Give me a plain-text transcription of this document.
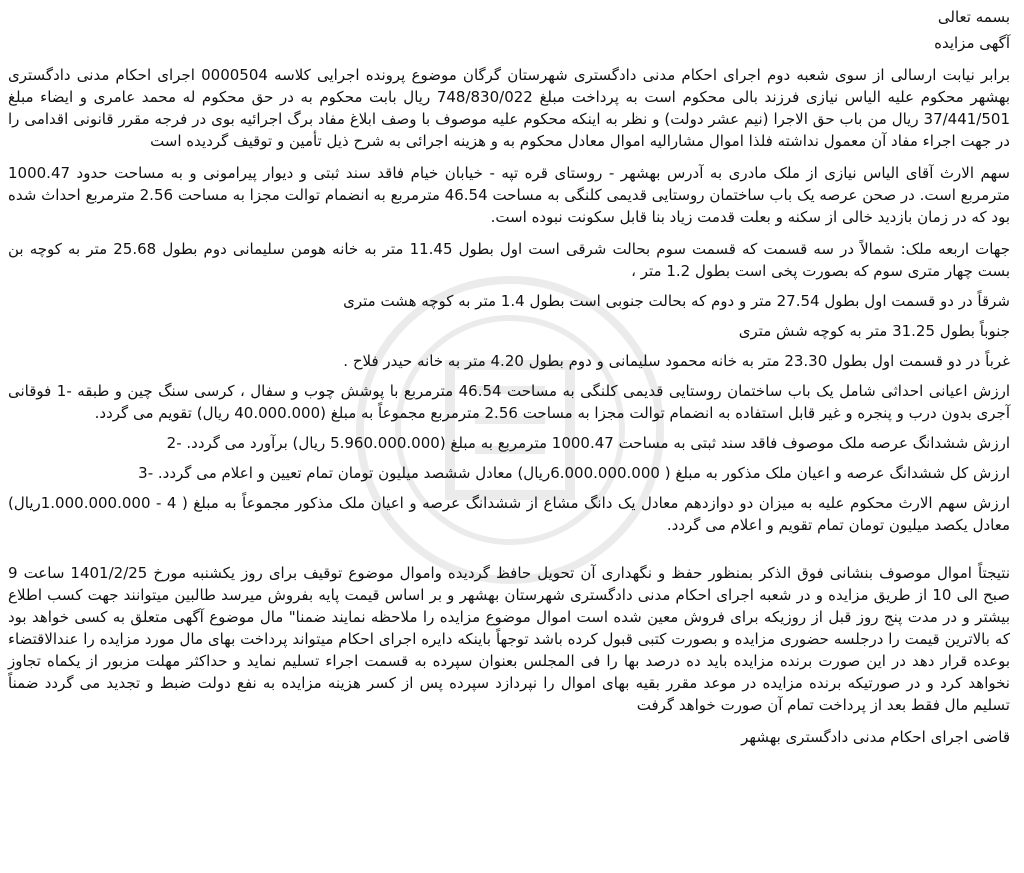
بسمه تعالی
آگهی مزایده
برابر نیابت ارسالی از سوی شعبه دوم اجرای احکام مدنی دادگستری شهرستان گرگان موضوع پرونده اجرایی کلاسه 0000504 اجرای احکام مدنی دادگستری بهشهر محکوم علیه الیاس نیازی فرزند بالی محکوم است به پرداخت مبلغ 748/830/022 ریال بابت محکوم به در حق محکوم له محمد عامری و ایضاء مبلغ 37/441/501 ریال من باب حق الاجرا (نیم عشر دولت) و نظر به اینکه محکوم علیه موصوف با وصف ابلاغ مفاد برگ اجرائیه بوی در فرجه مقرر قانونی اقدامی را در جهت اجراء مفاد آن معمول نداشته فلذا اموال مشارالیه اموال معادل محکوم به و هزینه اجرائی به شرح ذیل تأمین و توقیف گردیده است
سهم الارث آقای الیاس نیازی از ملک مادری به آدرس بهشهر - روستای قره تپه - خیابان خیام فاقد سند ثبتی و دیوار پیرامونی و به مساحت حدود 1000.47 مترمربع است. در صحن عرصه یک باب ساختمان روستایی قدیمی کلنگی به مساحت 46.54 مترمربع به انضمام توالت مجزا به مساحت 2.56 مترمربع احداث شده بود که در زمان بازدید خالی از سکنه و بعلت قدمت زیاد بنا قابل سکونت نبوده است.
جهات اربعه ملک: شمالاً در سه قسمت که قسمت سوم بحالت شرقی است اول بطول 11.45 متر به خانه هومن سلیمانی دوم بطول 25.68 متر به کوچه بن بست چهار متری سوم که بصورت پخی است بطول 1.2 متر ،
شرقاً در دو قسمت اول بطول 27.54 متر و دوم که بحالت جنوبی است بطول 1.4 متر به کوچه هشت متری
جنوباً بطول 31.25 متر به کوچه شش متری
غرباً در دو قسمت اول بطول 23.30 متر به خانه محمود سلیمانی و دوم بطول 4.20 متر به خانه حیدر فلاح .
ارزش اعیانی احداثی شامل یک باب ساختمان روستایی قدیمی کلنگی به مساحت 46.54 مترمربع با پوشش چوب و سفال ، کرسی سنگ چین و طبقه -1 فوقانی آجری بدون درب و پنجره و غیر قابل استفاده به انضمام توالت مجزا به مساحت 2.56 مترمربع مجموعاً به مبلغ (40.000.000 ریال) تقویم می گردد.
ارزش ششدانگ عرصه ملک موصوف فاقد سند ثبتی به مساحت 1000.47 مترمربع به مبلغ (5.960.000.000 ریال) برآورد می گردد. -2
ارزش کل ششدانگ عرصه و اعیان ملک مذکور به مبلغ ( 6.000.000.000ریال) معادل ششصد میلیون تومان تمام تعیین و اعلام می گردد. -3
ارزش سهم الارث محکوم علیه به میزان دو دوازدهم معادل یک دانگ مشاع از ششدانگ عرصه و اعیان ملک مذکور مجموعاً به مبلغ ( 4 - 1.000.000.000ریال) معادل یکصد میلیون تومان تمام تقویم و اعلام می گردد.
نتیجتاً اموال موصوف بنشانی فوق الذکر بمنظور حفظ و نگهداری آن تحویل حافظ گردیده واموال موضوع توقیف برای روز یکشنبه مورخ 1401/2/25 ساعت 9 صبح الی 10 از طریق مزایده و در شعبه اجرای احکام مدنی دادگستری شهرستان بهشهر و بر اساس قیمت پایه بفروش میرسد طالبین میتوانند جهت کسب اطلاع بیشتر و در مدت پنج روز قبل از روزیکه برای فروش معین شده است اموال موضوع مزایده را ملاحظه نمایند ضمنا" مال موضوع آگهی متعلق به کسی خواهد بود که بالاترین قیمت را درجلسه حضوری مزایده و بصورت کتبی قبول کرده باشد توجهاً باینکه دایره اجرای احکام میتواند پرداخت بهای مال مورد مزایده را عندالاقتضاء بوعده قرار دهد در این صورت برنده مزایده باید ده درصد بها را فی المجلس بعنوان سپرده به قسمت اجراء تسلیم نماید و حداکثر مهلت مزبور از یکماه تجاوز نخواهد کرد و در صورتیکه برنده مزایده در موعد مقرر بقیه بهای اموال را نپردازد سپرده پس از کسر هزینه مزایده به نفع دولت ضبط و تجدید می گردد ضمناً تسلیم مال فقط بعد از پرداخت تمام آن صورت خواهد گرفت
قاضی اجرای احکام مدنی دادگستری بهشهر
